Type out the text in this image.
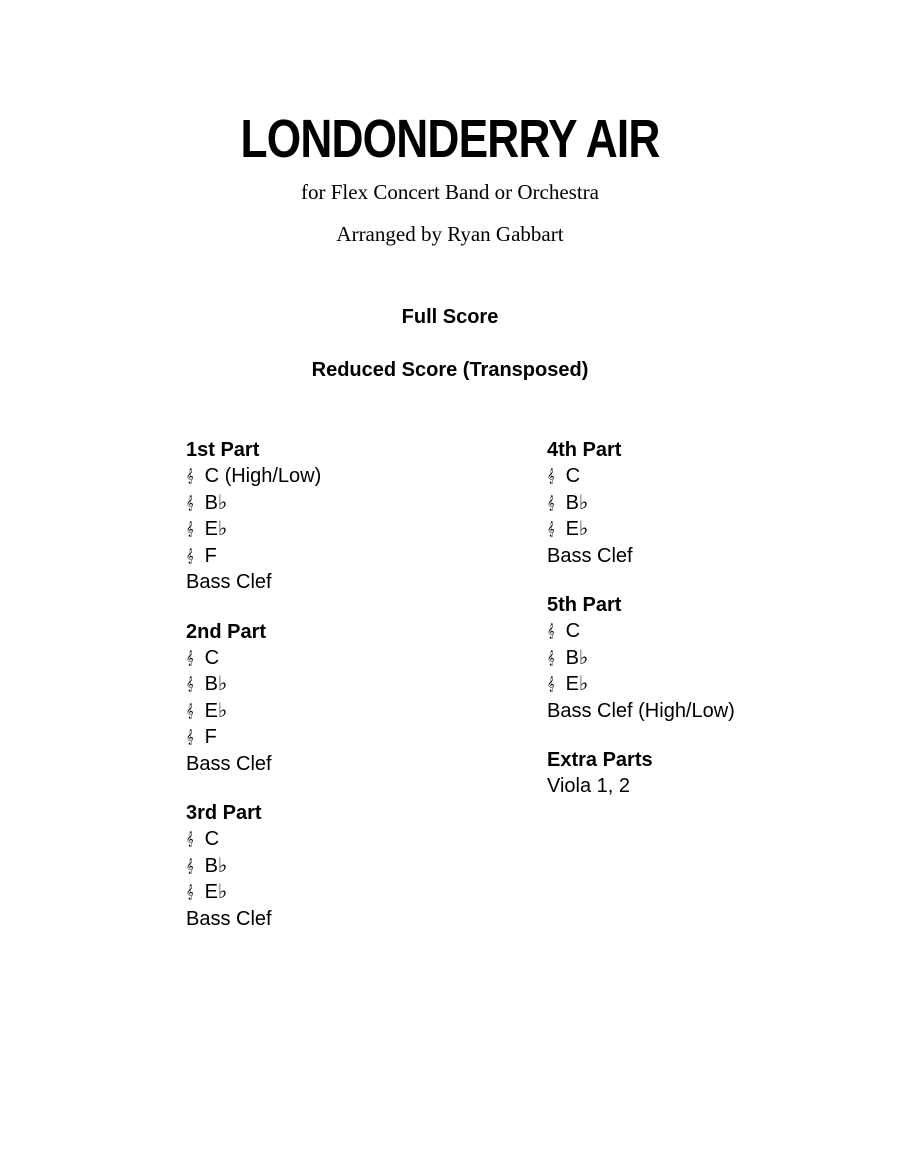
LONDONDERRY AIR
for Flex Concert Band or Orchestra
Arranged by Ryan Gabbart
Full Score
Reduced Score (Transposed)
1st Part
𝄞 C (High/Low)
𝄞 B♭
𝄞 E♭
𝄞 F
Bass Clef
2nd Part
𝄞 C
𝄞 B♭
𝄞 E♭
𝄞 F
Bass Clef
3rd Part
𝄞 C
𝄞 B♭
𝄞 E♭
Bass Clef
4th Part
𝄞 C
𝄞 B♭
𝄞 E♭
Bass Clef
5th Part
𝄞 C
𝄞 B♭
𝄞 E♭
Bass Clef (High/Low)
Extra Parts
Viola 1, 2
